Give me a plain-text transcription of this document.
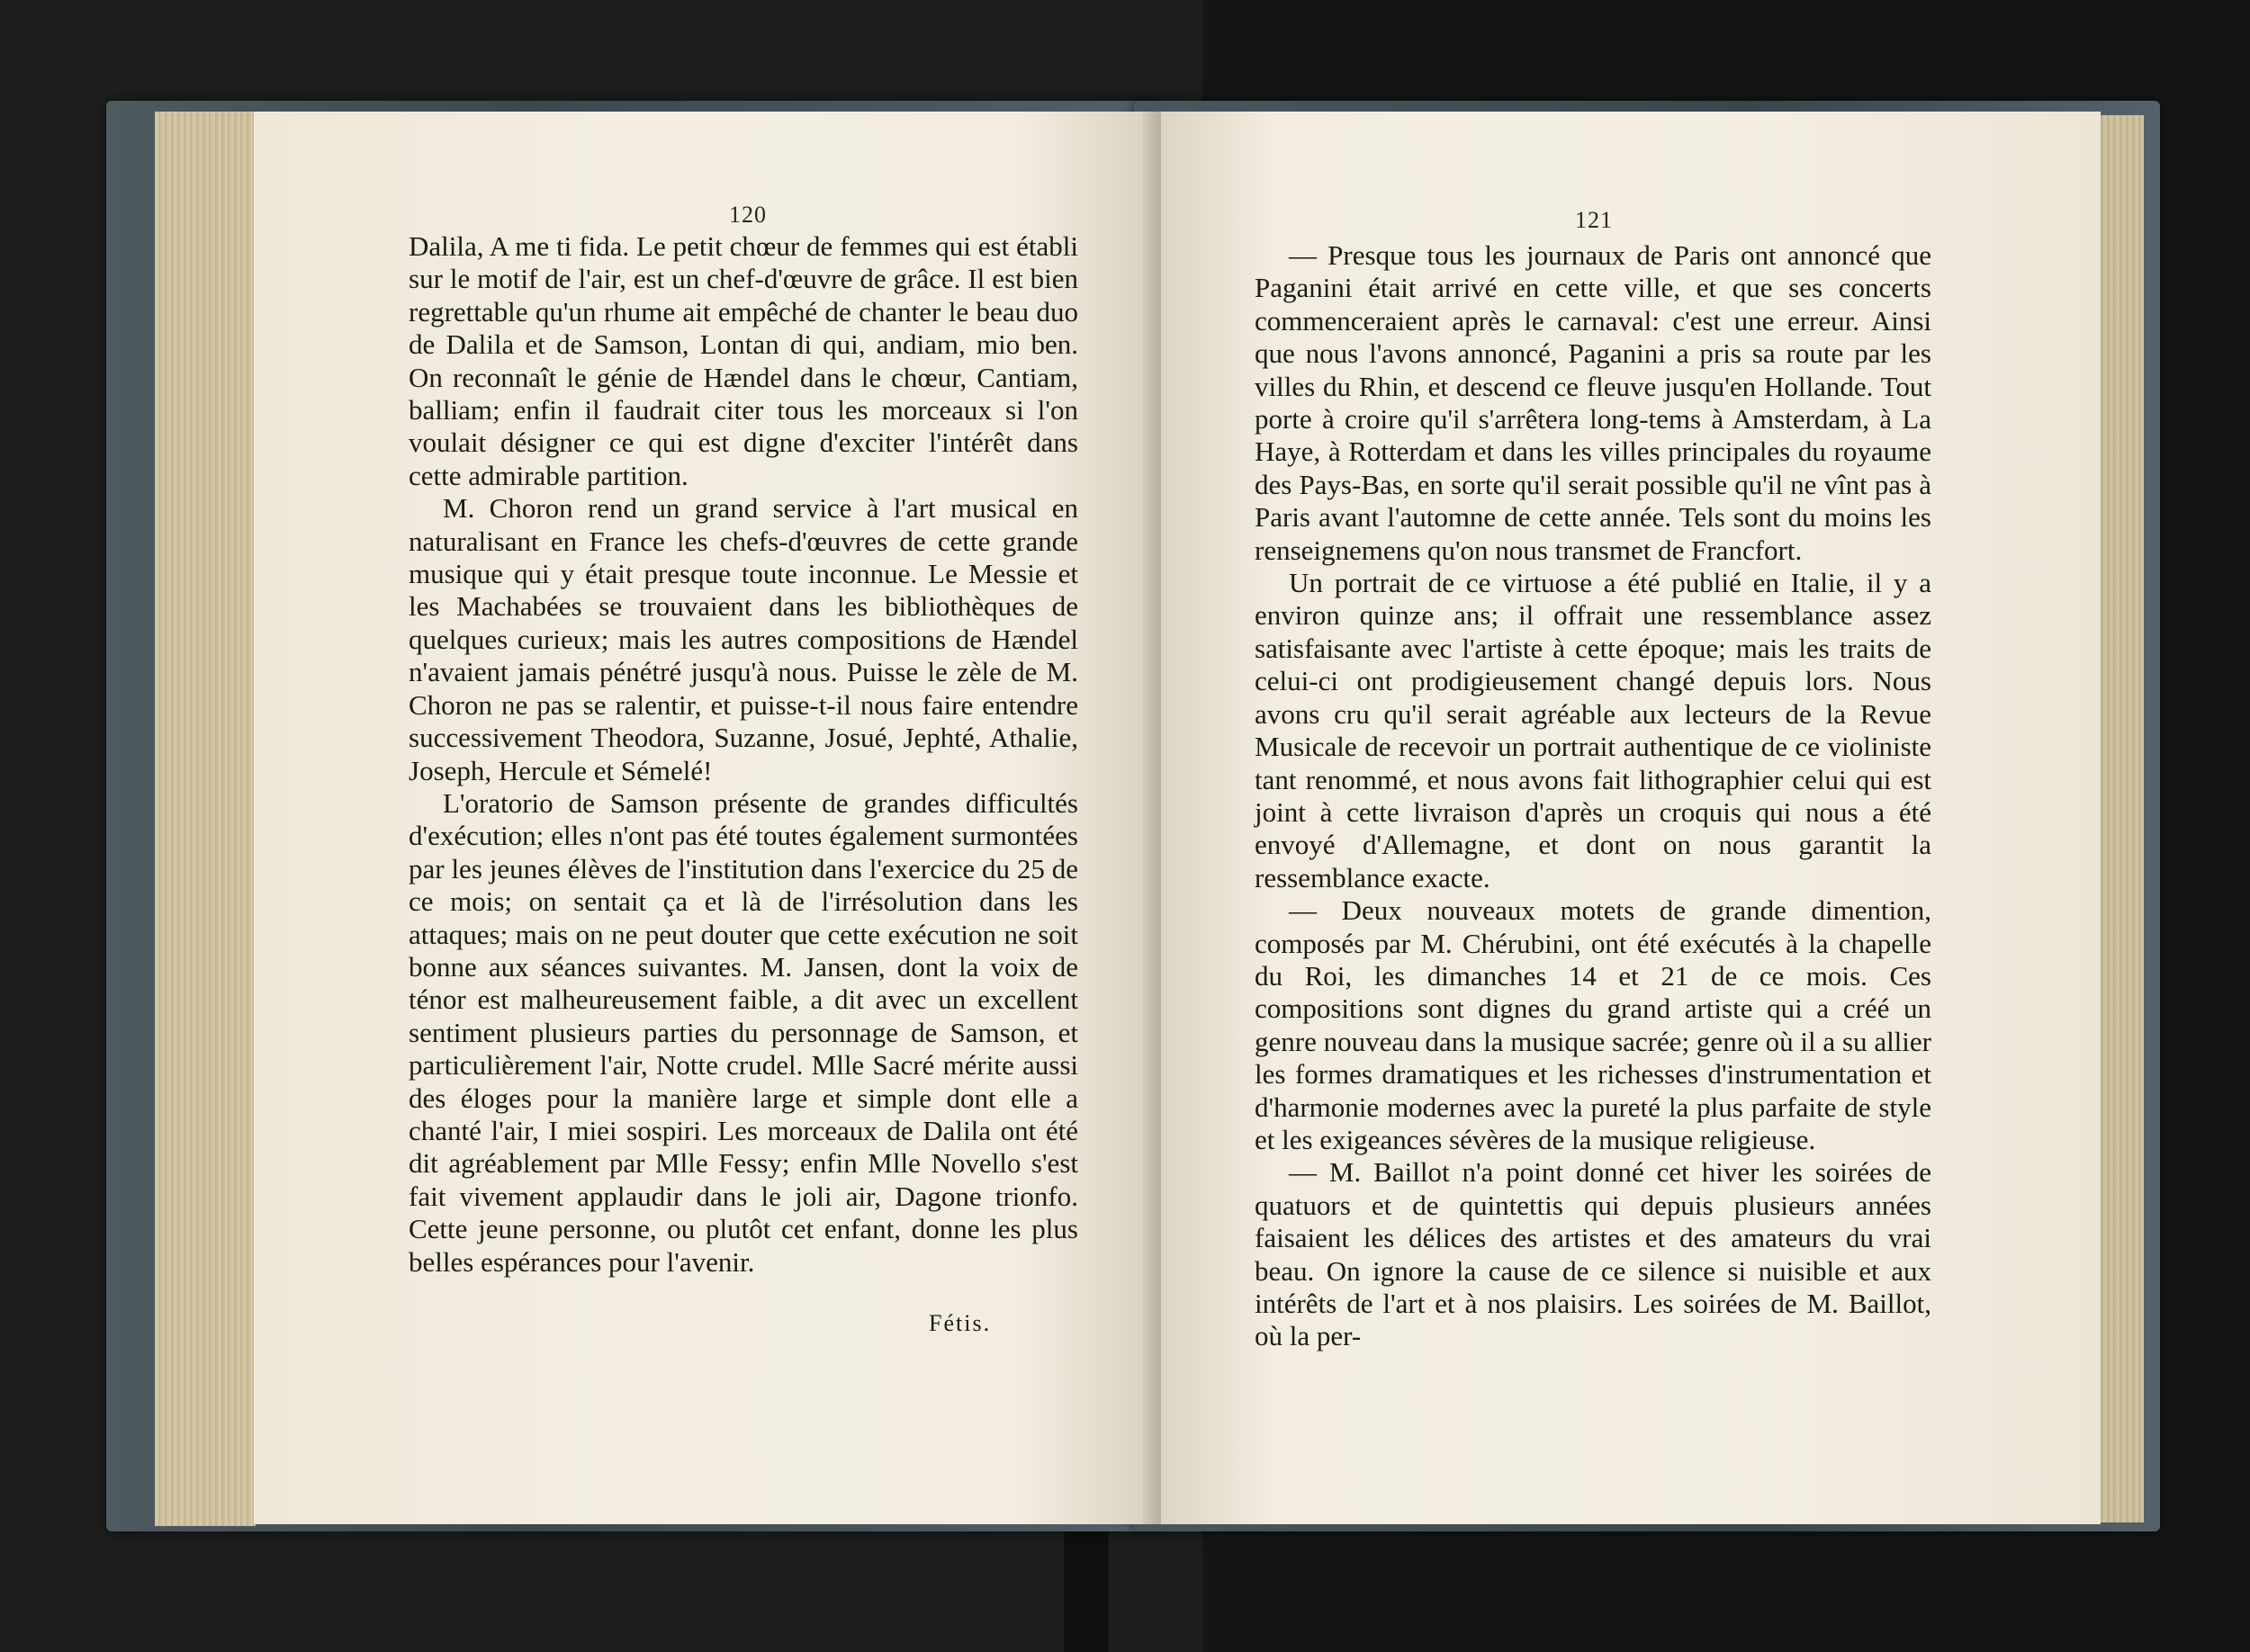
120

Dalila, A me ti fida. Le petit chœur de femmes qui est établi sur le motif de l'air, est un chef-d'œuvre de grâce. Il est bien regrettable qu'un rhume ait empêché de chanter le beau duo de Dalila et de Samson, Lontan di qui, andiam, mio ben. On reconnaît le génie de Hændel dans le chœur, Cantiam, balliam; enfin il faudrait citer tous les morceaux si l'on voulait désigner ce qui est digne d'exciter l'intérêt dans cette admirable partition.

M. Choron rend un grand service à l'art musical en naturalisant en France les chefs-d'œuvres de cette grande musique qui y était presque toute inconnue. Le Messie et les Machabées se trouvaient dans les bibliothèques de quelques curieux; mais les autres compositions de Hændel n'avaient jamais pénétré jusqu'à nous. Puisse le zèle de M. Choron ne pas se ralentir, et puisse-t-il nous faire entendre successivement Theodora, Suzanne, Josué, Jephté, Athalie, Joseph, Hercule et Sémelé!

L'oratorio de Samson présente de grandes difficultés d'exécution; elles n'ont pas été toutes également surmontées par les jeunes élèves de l'institution dans l'exercice du 25 de ce mois; on sentait ça et là de l'irrésolution dans les attaques; mais on ne peut douter que cette exécution ne soit bonne aux séances suivantes. M. Jansen, dont la voix de ténor est malheureusement faible, a dit avec un excellent sentiment plusieurs parties du personnage de Samson, et particulièrement l'air, Notte crudel. Mlle Sacré mérite aussi des éloges pour la manière large et simple dont elle a chanté l'air, I miei sospiri. Les morceaux de Dalila ont été dit agréablement par Mlle Fessy; enfin Mlle Novello s'est fait vivement applaudir dans le joli air, Dagone trionfo. Cette jeune personne, ou plutôt cet enfant, donne les plus belles espérances pour l'avenir.

Fétis.
121

— Presque tous les journaux de Paris ont annoncé que Paganini était arrivé en cette ville, et que ses concerts commenceraient après le carnaval: c'est une erreur. Ainsi que nous l'avons annoncé, Paganini a pris sa route par les villes du Rhin, et descend ce fleuve jusqu'en Hollande. Tout porte à croire qu'il s'arrêtera long-tems à Amsterdam, à La Haye, à Rotterdam et dans les villes principales du royaume des Pays-Bas, en sorte qu'il serait possible qu'il ne vînt pas à Paris avant l'automne de cette année. Tels sont du moins les renseignemens qu'on nous transmet de Francfort.

Un portrait de ce virtuose a été publié en Italie, il y a environ quinze ans; il offrait une ressemblance assez satisfaisante avec l'artiste à cette époque; mais les traits de celui-ci ont prodigieusement changé depuis lors. Nous avons cru qu'il serait agréable aux lecteurs de la Revue Musicale de recevoir un portrait authentique de ce violiniste tant renommé, et nous avons fait lithographier celui qui est joint à cette livraison d'après un croquis qui nous a été envoyé d'Allemagne, et dont on nous garantit la ressemblance exacte.

— Deux nouveaux motets de grande dimention, composés par M. Chérubini, ont été exécutés à la chapelle du Roi, les dimanches 14 et 21 de ce mois. Ces compositions sont dignes du grand artiste qui a créé un genre nouveau dans la musique sacrée; genre où il a su allier les formes dramatiques et les richesses d'instrumentation et d'harmonie modernes avec la pureté la plus parfaite de style et les exigeances sévères de la musique religieuse.

— M. Baillot n'a point donné cet hiver les soirées de quatuors et de quintettis qui depuis plusieurs années faisaient les délices des artistes et des amateurs du vrai beau. On ignore la cause de ce silence si nuisible et aux intérêts de l'art et à nos plaisirs. Les soirées de M. Baillot, où la per-
